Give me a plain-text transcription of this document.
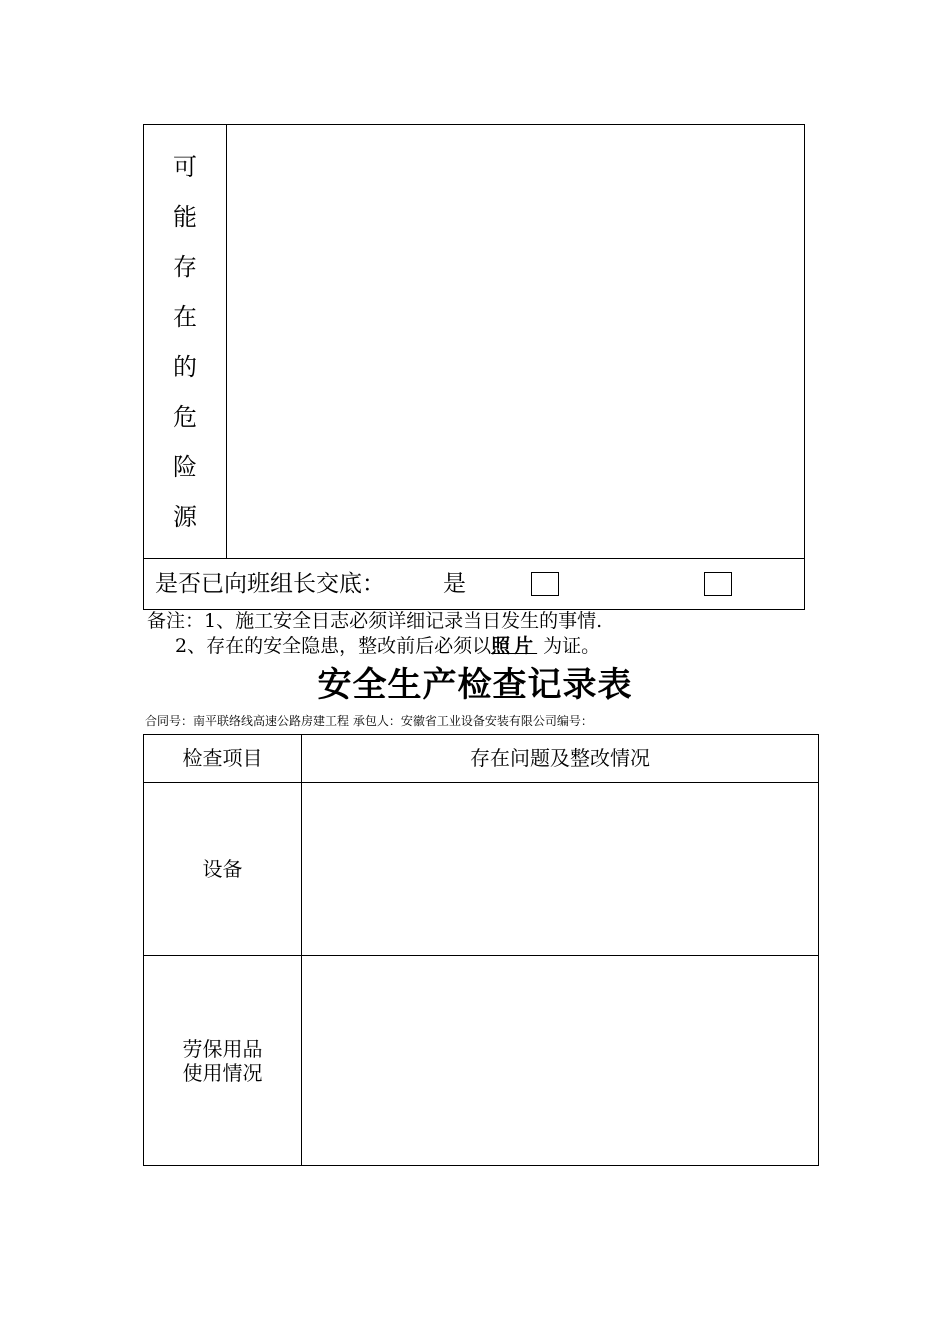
可
能
存
在
的
危
险
源
是否已向班组长交底：	是
备注：1、施工安全日志必须详细记录当日发生的事情.
2、存在的安全隐患，整改前后必须以照片 为证。
安全生产检查记录表
合同号：南平联络线高速公路房建工程 承包人：安徽省工业设备安装有限公司编号：
检查项目	存在问题及整改情况
设备
劳保用品
使用情况
